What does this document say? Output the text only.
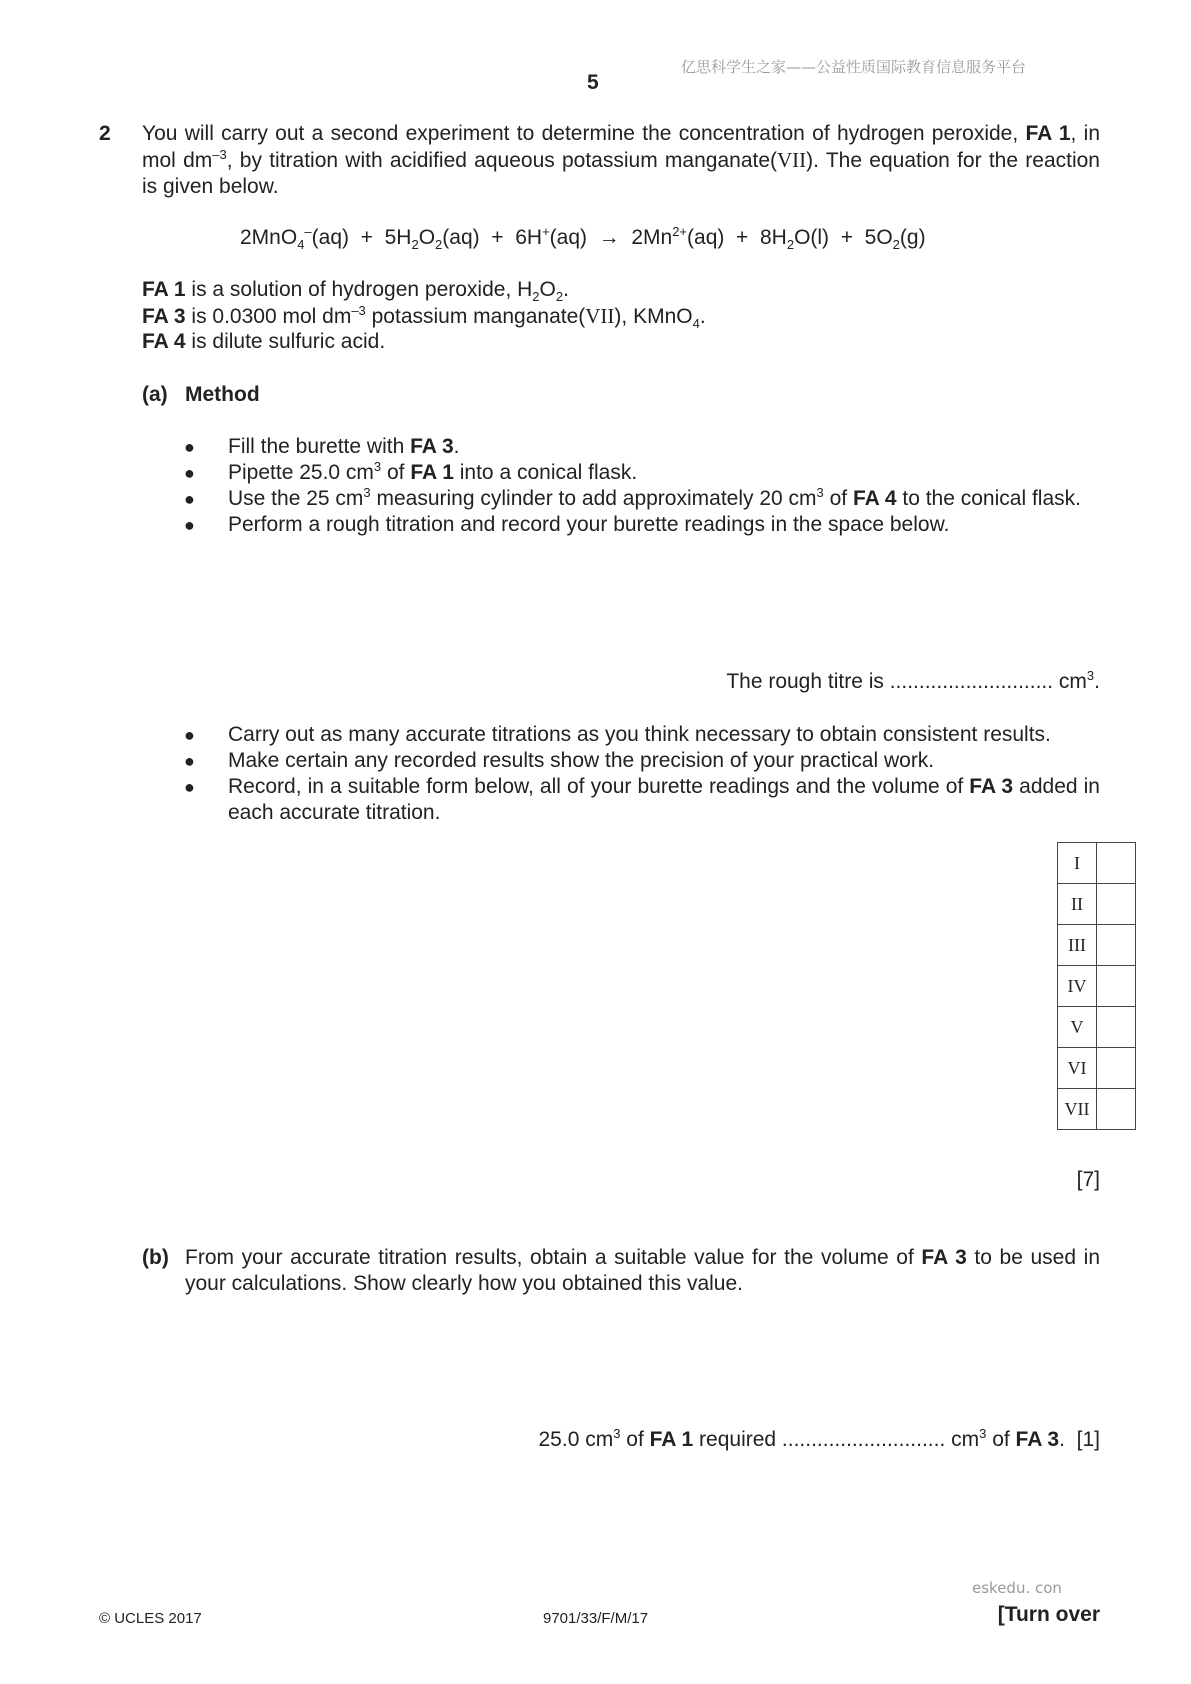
亿思科学生之家——公益性质国际教育信息服务平台
5
2 You will carry out a second experiment to determine the concentration of hydrogen peroxide, FA 1, in mol $dm^{-3}$, by titration with acidified aqueous potassium manganate(VII). The equation for the reaction is given below.
$2MnO_4^-(aq) + 5H_2O_2(aq) + 6H^+(aq) \to 2Mn^{2+}(aq) + 8H_2O(l) + 5O_2(g)$
FA 1 is a solution of hydrogen peroxide, $H_2O_2$.
FA 3 is 0.0300 mol $dm^{-3}$ potassium manganate(VII), KMnO$_4$.
FA 4 is dilute sulfuric acid.
(a) Method
● Fill the burette with FA 3.
● Pipette 25.0 $cm^3$ of FA 1 into a conical flask.
● Use the 25 $cm^3$ measuring cylinder to add approximately 20 $cm^3$ of FA 4 to the conical flask.
● Perform a rough titration and record your burette readings in the space below.
The rough titre is ............................ $cm^3$.
● Carry out as many accurate titrations as you think necessary to obtain consistent results.
● Make certain any recorded results show the precision of your practical work.
● Record, in a suitable form below, all of your burette readings and the volume of FA 3 added in each accurate titration.
I	
II	
III	
IV	
V	
VI	
VII	
[7]
(b) From your accurate titration results, obtain a suitable value for the volume of FA 3 to be used in your calculations. Show clearly how you obtained this value.
25.0 $cm^3$ of FA 1 required ............................ $cm^3$ of FA 3. [1]
eskedu. con
© UCLES 2017	9701/33/F/M/17	[Turn over
